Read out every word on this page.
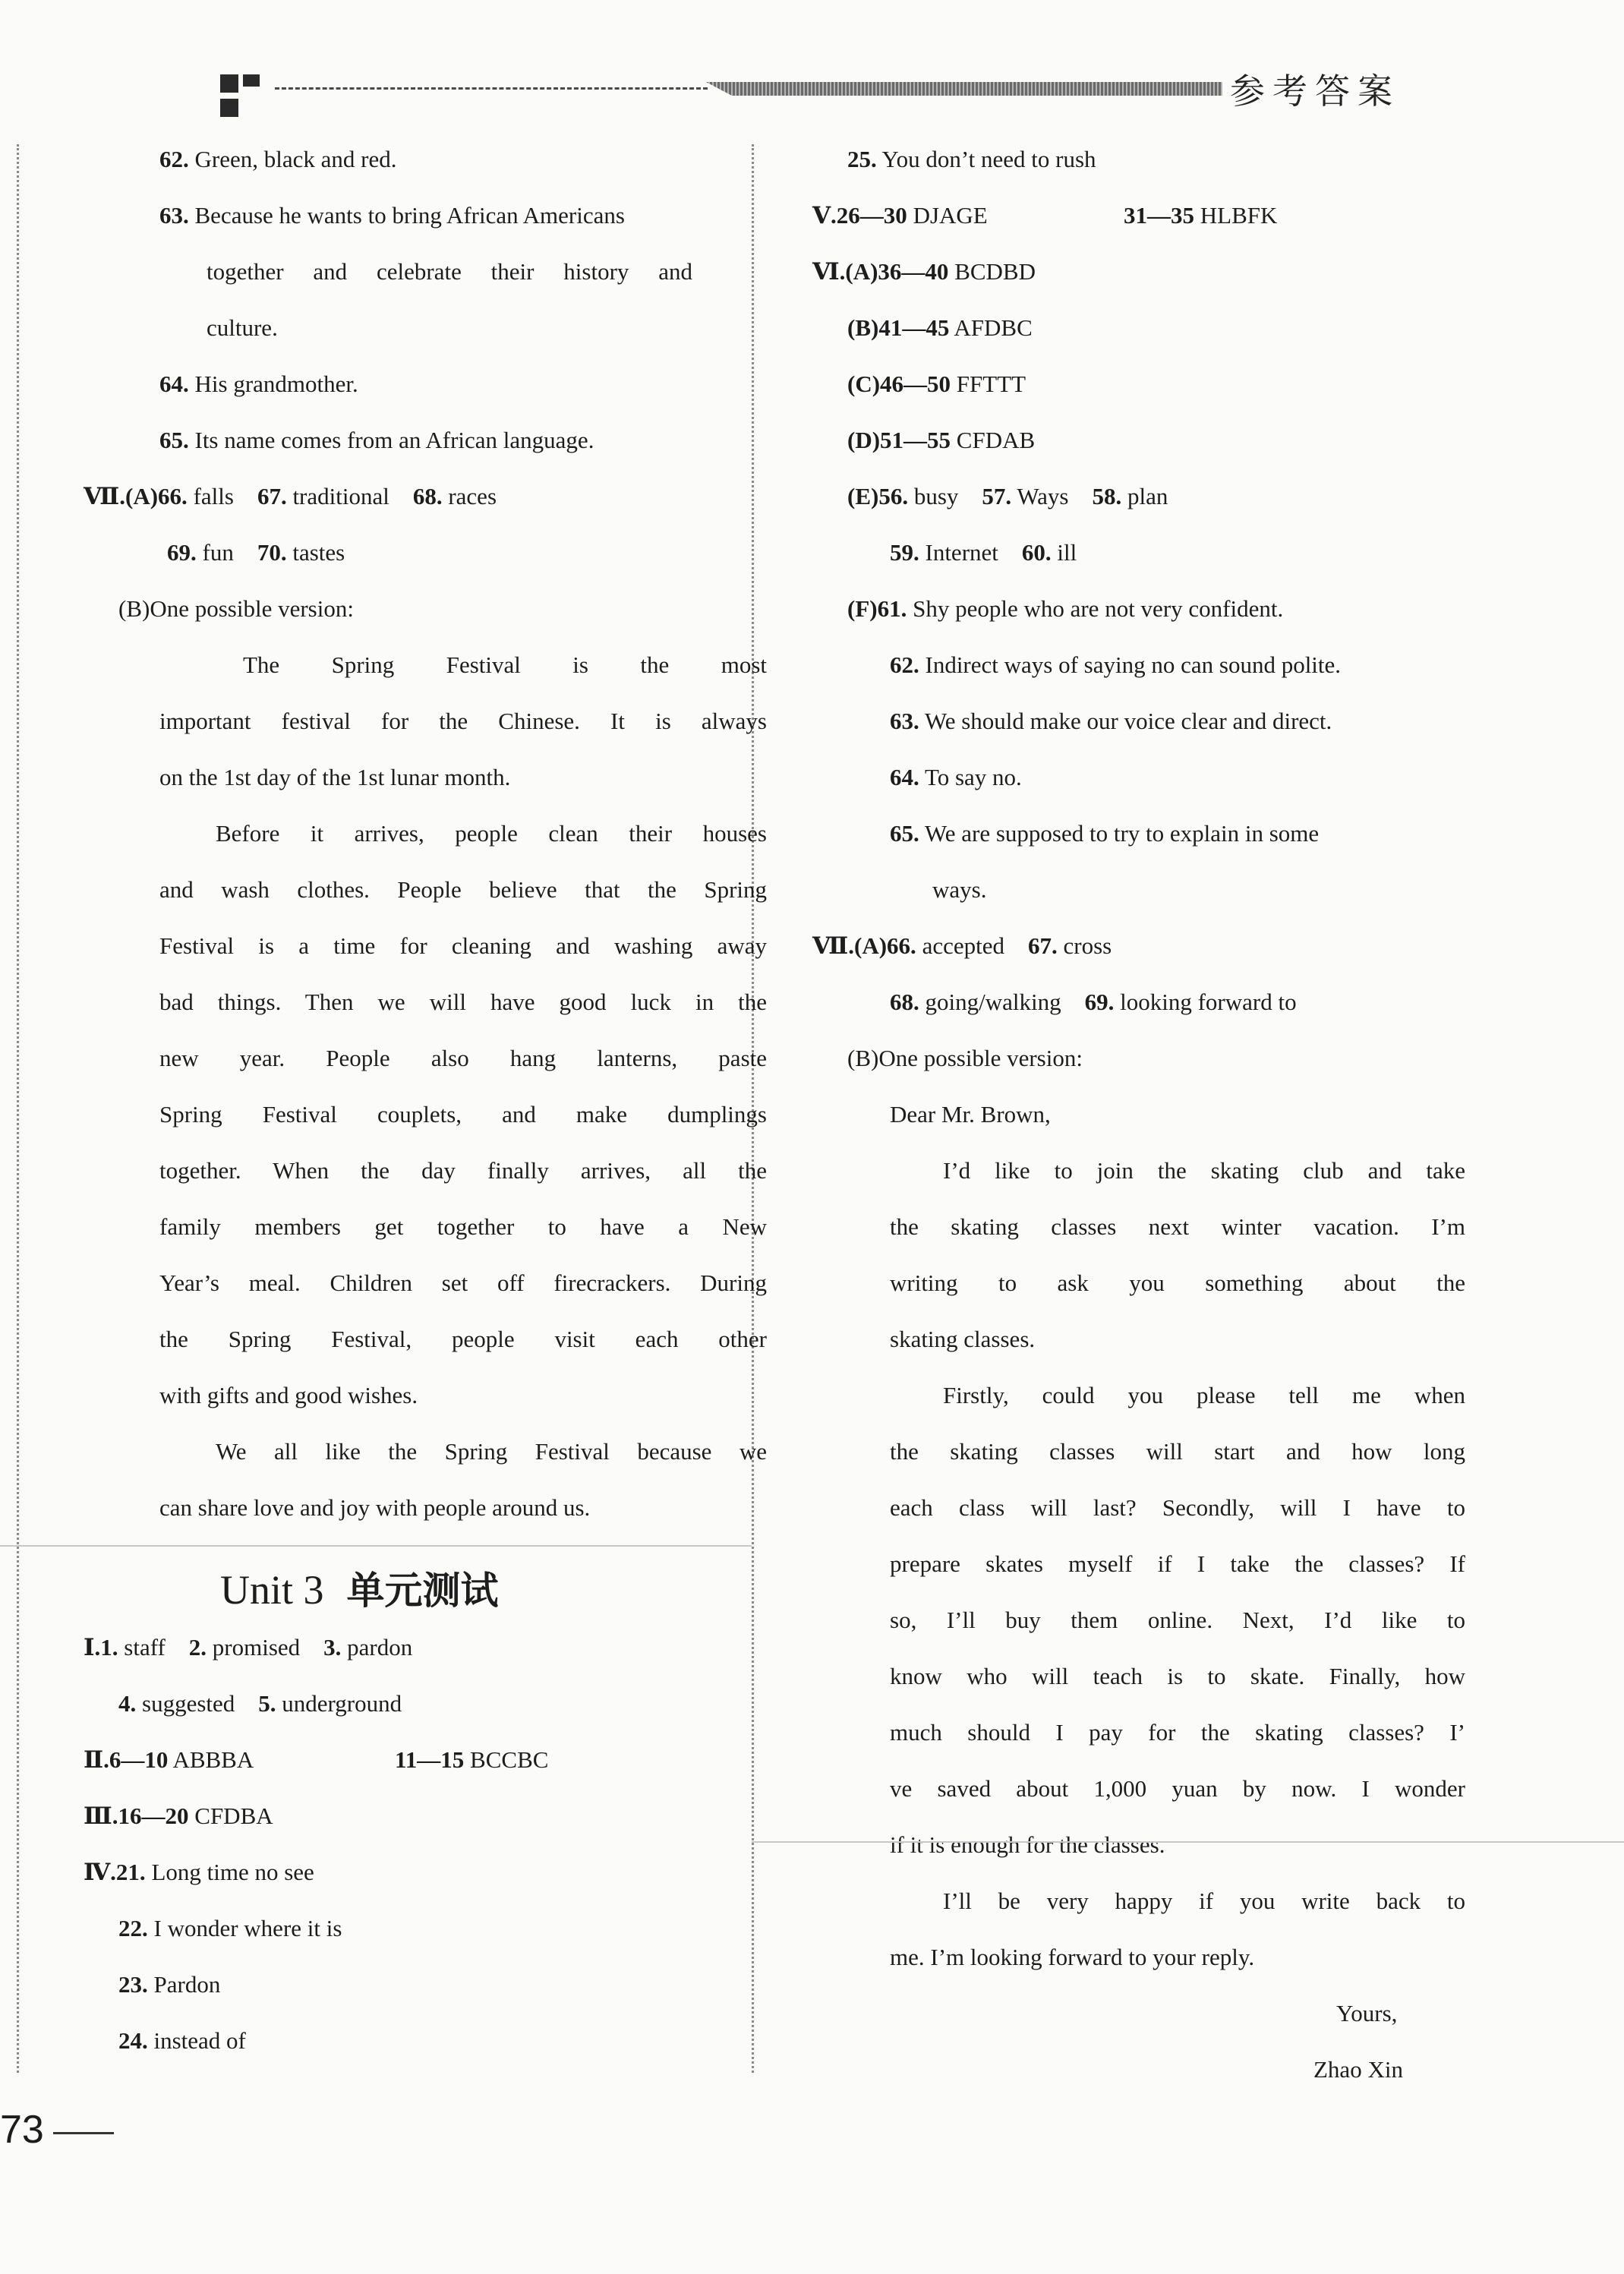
参考答案
62. Green, black and red.
63. Because he wants to bring African Americans
together and celebrate their history and
culture.
64. His grandmother.
65. Its name comes from an African language.
Ⅶ.(A)66. falls 67. traditional 68. races
69. fun 70. tastes
(B)One possible version:
The Spring Festival is the most
important festival for the Chinese. It is always
on the 1st day of the 1st lunar month.
Before it arrives, people clean their houses
and wash clothes. People believe that the Spring
Festival is a time for cleaning and washing away
bad things. Then we will have good luck in the
new year. People also hang lanterns, paste
Spring Festival couplets, and make dumplings
together. When the day finally arrives, all the
family members get together to have a New
Year’s meal. Children set off firecrackers. During
the Spring Festival, people visit each other
with gifts and good wishes.
We all like the Spring Festival because we
can share love and joy with people around us.
Unit 3 单元测试
Ⅰ.1. staff 2. promised 3. pardon
4. suggested 5. underground
Ⅱ.6—10 ABBBA	11—15 BCCBC
Ⅲ.16—20 CFDBA
Ⅳ.21. Long time no see
22. I wonder where it is
23. Pardon
24. instead of
25. You don’t need to rush
Ⅴ.26—30 DJAGE	31—35 HLBFK
Ⅵ.(A)36—40 BCDBD
(B)41—45 AFDBC
(C)46—50 FFTTT
(D)51—55 CFDAB
(E)56. busy 57. Ways 58. plan
59. Internet 60. ill
(F)61. Shy people who are not very confident.
62. Indirect ways of saying no can sound polite.
63. We should make our voice clear and direct.
64. To say no.
65. We are supposed to try to explain in some
ways.
Ⅶ.(A)66. accepted 67. cross
68. going/walking 69. looking forward to
(B)One possible version:
Dear Mr. Brown,
I’d like to join the skating club and take
the skating classes next winter vacation. I’m
writing to ask you something about the
skating classes.
Firstly, could you please tell me when
the skating classes will start and how long
each class will last? Secondly, will I have to
prepare skates myself if I take the classes? If
so, I’ll buy them online. Next, I’d like to
know who will teach is to skate. Finally, how
much should I pay for the skating classes? I’
ve saved about 1,000 yuan by now. I wonder
if it is enough for the classes.
I’ll be very happy if you write back to
me. I’m looking forward to your reply.
Yours,
Zhao Xin
73
